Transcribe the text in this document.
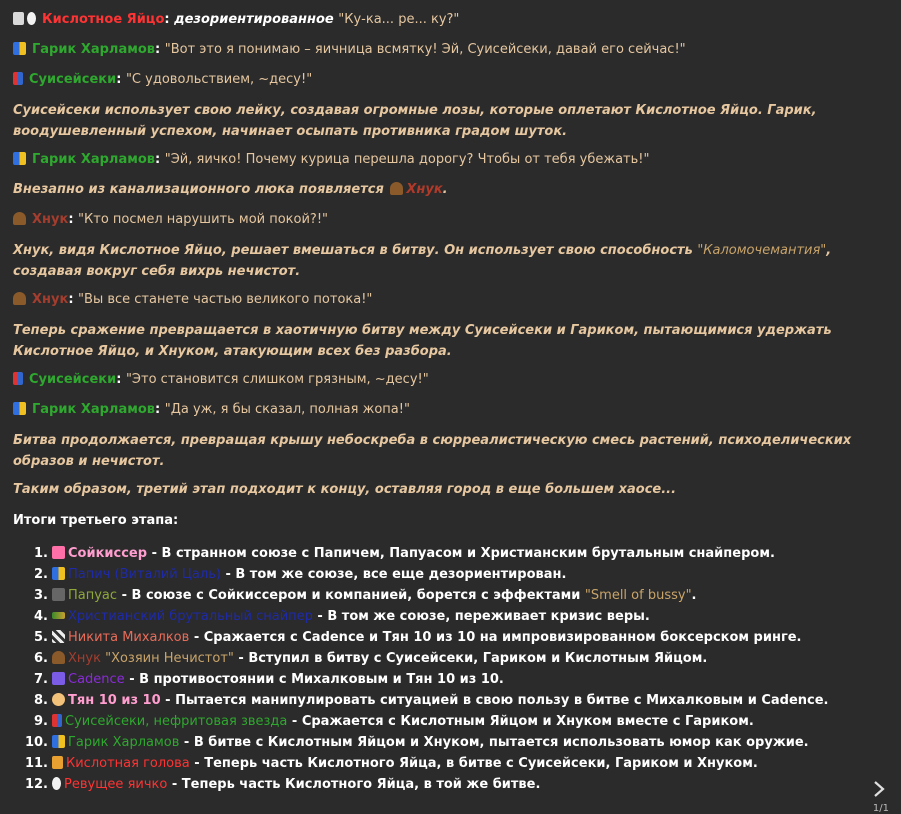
Кислотное Яйцо: дезориентированное "Ку-ка... ре... ку?"
Гарик Харламов: "Вот это я понимаю – яичница всмятку! Эй, Суисейсеки, давай его сейчас!"
Суисейсеки: "С удовольствием, ~десу!"
Суисейсеки использует свою лейку, создавая огромные лозы, которые оплетают Кислотное Яйцо. Гарик, воодушевленный успехом, начинает осыпать противника градом шуток.
Гарик Харламов: "Эй, яичко! Почему курица перешла дорогу? Чтобы от тебя убежать!"
Внезапно из канализационного люка появляется Хнук.
Хнук: "Кто посмел нарушить мой покой?!"
Хнук, видя Кислотное Яйцо, решает вмешаться в битву. Он использует свою способность "Каломочемантия", создавая вокруг себя вихрь нечистот.
Хнук: "Вы все станете частью великого потока!"
Теперь сражение превращается в хаотичную битву между Суисейсеки и Гариком, пытающимися удержать Кислотное Яйцо, и Хнуком, атакующим всех без разбора.
Суисейсеки: "Это становится слишком грязным, ~десу!"
Гарик Харламов: "Да уж, я бы сказал, полная жопа!"
Битва продолжается, превращая крышу небоскреба в сюрреалистическую смесь растений, психоделических образов и нечистот.
Таким образом, третий этап подходит к концу, оставляя город в еще большем хаосе...
Итоги третьего этапа:
1. Сойкиссер - В странном союзе с Папичем, Папуасом и Христианским брутальным снайпером.
2. Папич (Виталий Цаль) - В том же союзе, все еще дезориентирован.
3. Папуас - В союзе с Сойкиссером и компанией, борется с эффектами "Smell of bussy".
4. Христианский брутальный снайпер - В том же союзе, переживает кризис веры.
5. Никита Михалков - Сражается с Cadence и Тян 10 из 10 на импровизированном боксерском ринге.
6. Хнук "Хозяин Нечистот" - Вступил в битву с Суисейсеки, Гариком и Кислотным Яйцом.
7. Cadence - В противостоянии с Михалковым и Тян 10 из 10.
8. Тян 10 из 10 - Пытается манипулировать ситуацией в свою пользу в битве с Михалковым и Cadence.
9. Суисейсеки, нефритовая звезда - Сражается с Кислотным Яйцом и Хнуком вместе с Гариком.
10. Гарик Харламов - В битве с Кислотным Яйцом и Хнуком, пытается использовать юмор как оружие.
11. Кислотная голова - Теперь часть Кислотного Яйца, в битве с Суисейсеки, Гариком и Хнуком.
12. Ревущее яичко - Теперь часть Кислотного Яйца, в той же битве.
1/1
